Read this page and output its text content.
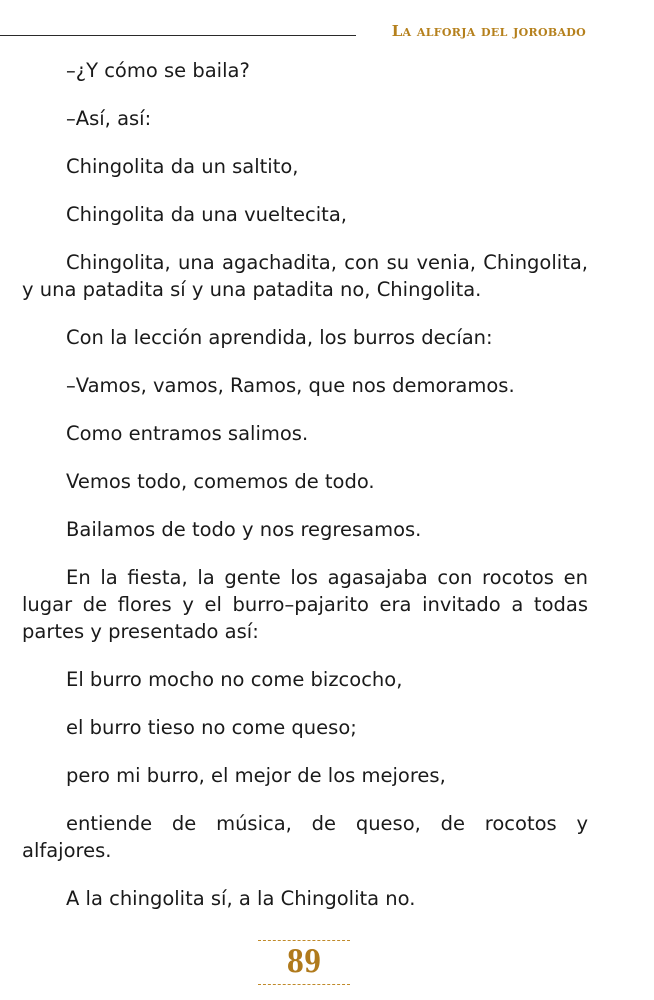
La alforja del jorobado

–¿Y cómo se baila?

–Así, así:

Chingolita da un saltito,

Chingolita da una vueltecita,

Chingolita, una agachadita, con su venia, Chingolita, y una patadita sí y una patadita no, Chingolita.

Con la lección aprendida, los burros decían:

–Vamos, vamos, Ramos, que nos demoramos.

Como entramos salimos.

Vemos todo, comemos de todo.

Bailamos de todo y nos regresamos.

En la fiesta, la gente los agasajaba con rocotos en lugar de flores y el burro–pajarito era invitado a todas partes y presentado así:

El burro mocho no come bizcocho,

el burro tieso no come queso;

pero mi burro, el mejor de los mejores,

entiende de música, de queso, de rocotos y alfajores.

A la chingolita sí, a la Chingolita no.

89
